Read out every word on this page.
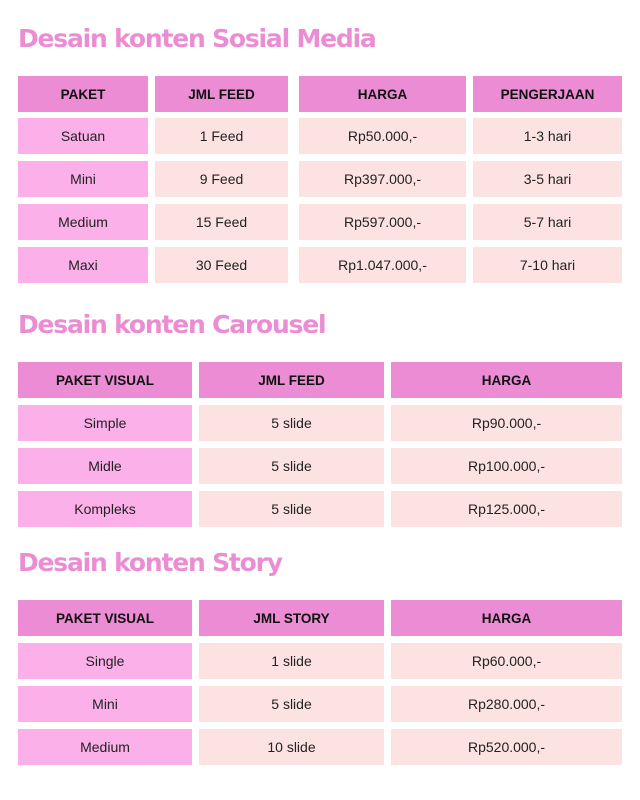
Desain konten Sosial Media
PAKET	JML FEED	HARGA	PENGERJAAN
Satuan	1 Feed	Rp50.000,-	1-3 hari
Mini	9 Feed	Rp397.000,-	3-5 hari
Medium	15 Feed	Rp597.000,-	5-7 hari
Maxi	30 Feed	Rp1.047.000,-	7-10 hari
Desain konten Carousel
PAKET VISUAL	JML FEED	HARGA
Simple	5 slide	Rp90.000,-
Midle	5 slide	Rp100.000,-
Kompleks	5 slide	Rp125.000,-
Desain konten Story
PAKET VISUAL	JML STORY	HARGA
Single	1 slide	Rp60.000,-
Mini	5 slide	Rp280.000,-
Medium	10 slide	Rp520.000,-
